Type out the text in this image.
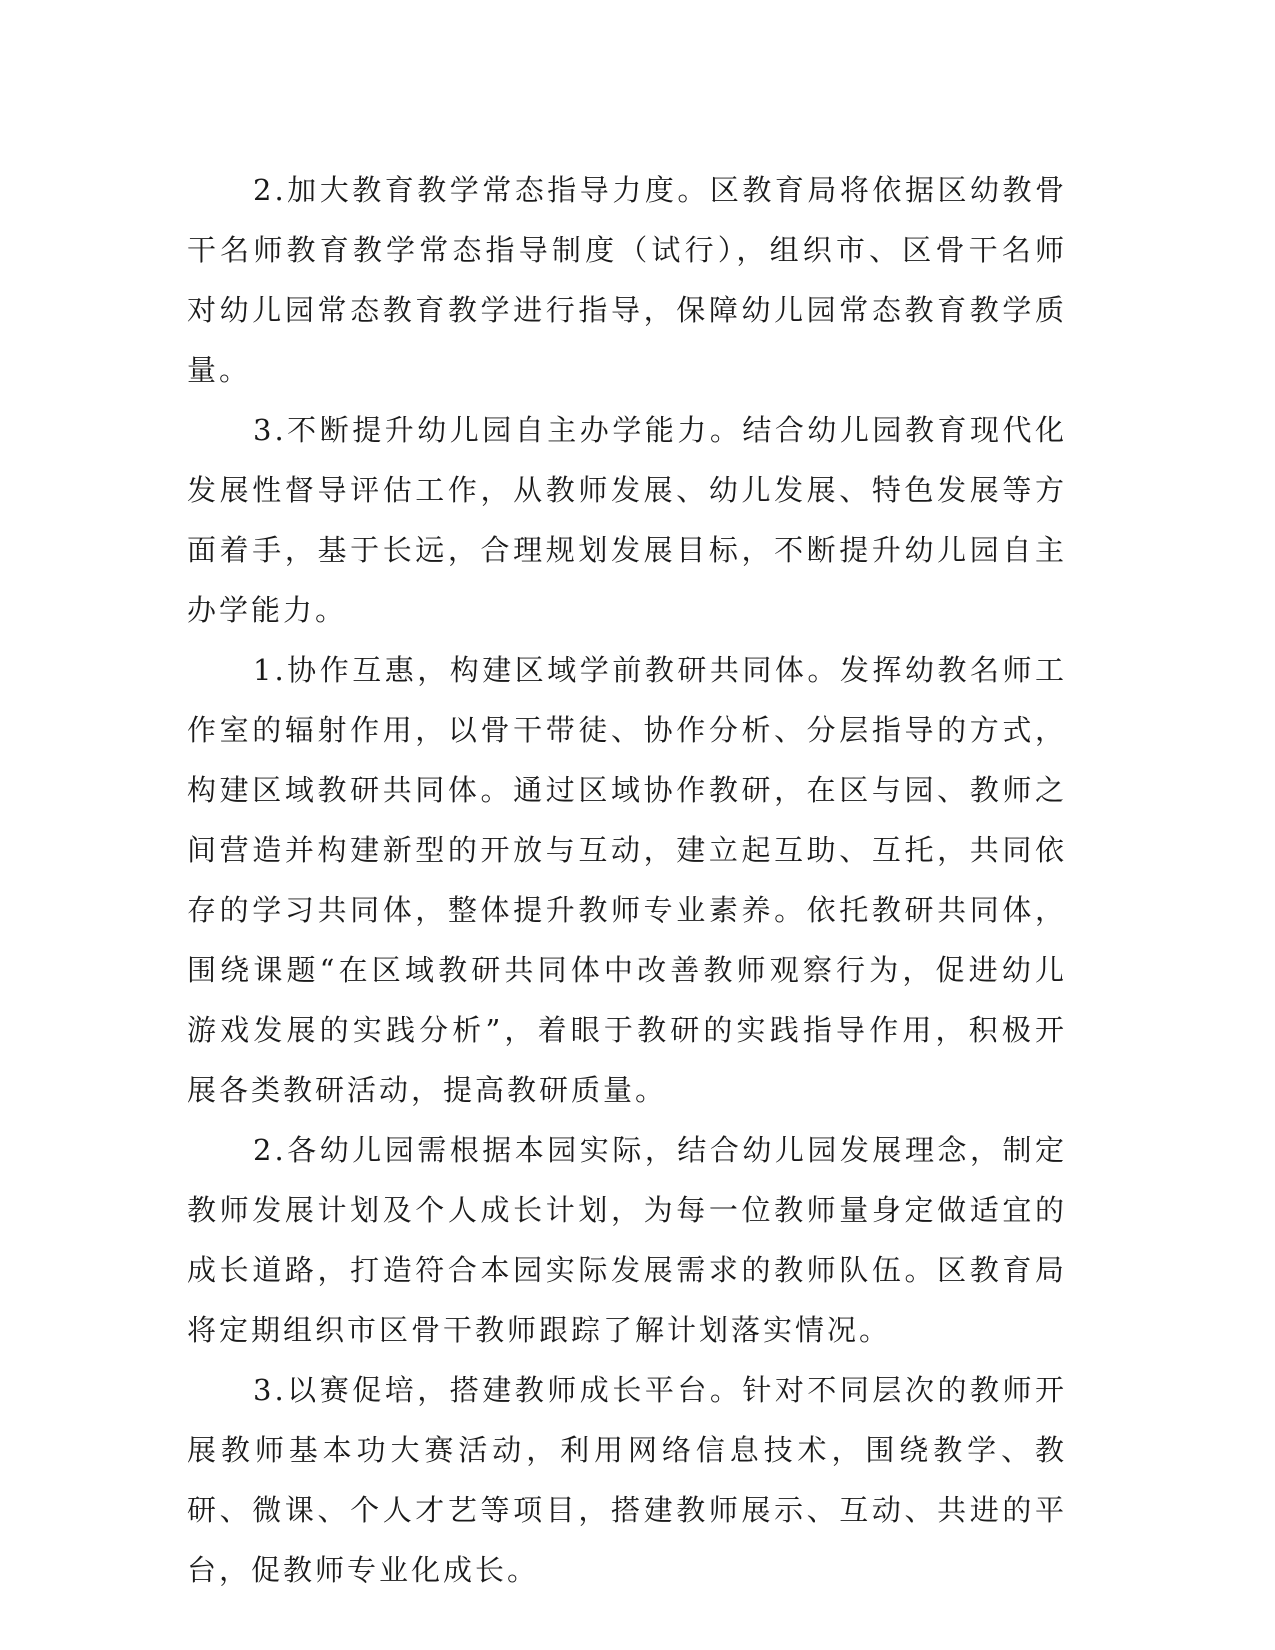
2.加大教育教学常态指导力度。区教育局将依据区幼教骨干名师教育教学常态指导制度（试行），组织市、区骨干名师对幼儿园常态教育教学进行指导，保障幼儿园常态教育教学质量。

3.不断提升幼儿园自主办学能力。结合幼儿园教育现代化发展性督导评估工作，从教师发展、幼儿发展、特色发展等方面着手，基于长远，合理规划发展目标，不断提升幼儿园自主办学能力。

1.协作互惠，构建区域学前教研共同体。发挥幼教名师工作室的辐射作用，以骨干带徒、协作分析、分层指导的方式，构建区域教研共同体。通过区域协作教研，在区与园、教师之间营造并构建新型的开放与互动，建立起互助、互托，共同依存的学习共同体，整体提升教师专业素养。依托教研共同体，围绕课题“在区域教研共同体中改善教师观察行为，促进幼儿游戏发展的实践分析”，着眼于教研的实践指导作用，积极开展各类教研活动，提高教研质量。

2.各幼儿园需根据本园实际，结合幼儿园发展理念，制定教师发展计划及个人成长计划，为每一位教师量身定做适宜的成长道路，打造符合本园实际发展需求的教师队伍。区教育局将定期组织市区骨干教师跟踪了解计划落实情况。

3.以赛促培，搭建教师成长平台。针对不同层次的教师开展教师基本功大赛活动，利用网络信息技术，围绕教学、教研、微课、个人才艺等项目，搭建教师展示、互动、共进的平台，促教师专业化成长。
